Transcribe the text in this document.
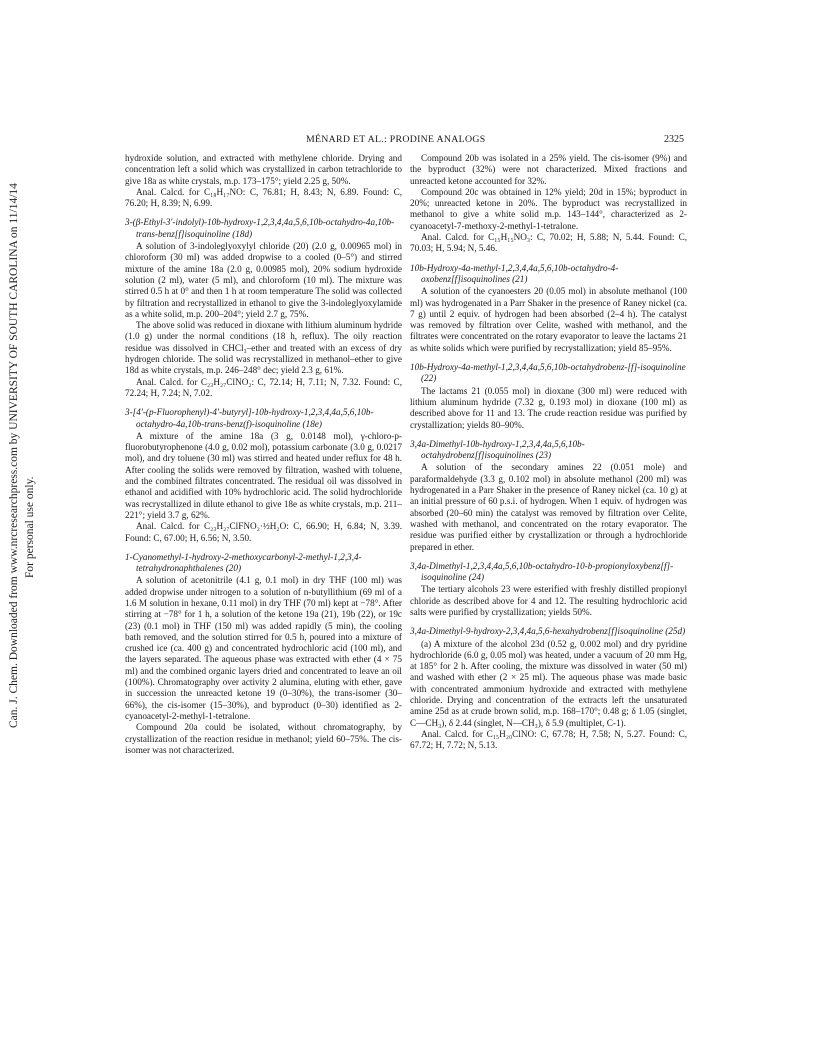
Can. J. Chem. Downloaded from www.nrcresearchpress.com by UNIVERSITY OF SOUTH CAROLINA on 11/14/14 For personal use only.
MÉNARD ET AL.: PRODINE ANALOGS	2325

hydroxide solution, and extracted with methylene chloride. Drying and concentration left a solid which was crystallized in carbon tetrachloride to give 18a as white crystals, m.p. 173–175°; yield 2.25 g, 50%.

Anal. Calcd. for C₁₈H₁₇NO: C, 76.81; H, 8.43; N, 6.89. Found: C, 76.20; H, 8.39; N, 6.99.

3-(β-Ethyl-3′-indolyl)-10b-hydroxy-1,2,3,4,4a,5,6,10b-octahydro-4a,10b-trans-benz[f]isoquinoline (18d)

A solution of 3-indoleglyoxylyl chloride (20) (2.0 g, 0.00965 mol) in chloroform (30 ml) was added dropwise to a cooled (0–5°) and stirred mixture of the amine 18a (2.0 g, 0.00985 mol), 20% sodium hydroxide solution (2 ml), water (5 ml), and chloroform (10 ml). The mixture was stirred 0.5 h at 0° and then 1 h at room temperature The solid was collected by filtration and recrystallized in ethanol to give the 3-indoleglyoxylamide as a white solid, m.p. 200–204°; yield 2.7 g, 75%.

The above solid was reduced in dioxane with lithium aluminum hydride (1.0 g) under the normal conditions (18 h, reflux). The oily reaction residue was dissolved in CHCl₃–ether and treated with an excess of dry hydrogen chloride. The solid was recrystallized in methanol–ether to give 18d as white crystals, m.p. 246–248° dec; yield 2.3 g, 61%.

Anal. Calcd. for C₂₃H₂₇ClNO₂: C, 72.14; H, 7.11; N, 7.32. Found: C, 72.24; H, 7.24; N, 7.02.

3-[4′-(p-Fluorophenyl)-4′-butyryl]-10b-hydroxy-1,2,3,4,4a,5,6,10b-octahydro-4a,10b-trans-benz(f)-isoquinoline (18e)

A mixture of the amine 18a (3 g, 0.0148 mol), γ-chloro-p-fluorobutyrophenone (4.0 g, 0.02 mol), potassium carbonate (3.0 g, 0.0217 mol), and dry toluene (30 ml) was stirred and heated under reflux for 48 h. After cooling the solids were removed by filtration, washed with toluene, and the combined filtrates concentrated. The residual oil was dissolved in ethanol and acidified with 10% hydrochloric acid. The solid hydrochloride was recrystallized in dilute ethanol to give 18e as white crystals, m.p. 211–221°; yield 3.7 g, 62%.

Anal. Calcd. for C₂₃H₂₇ClFNO₂·½H₂O: C, 66.90; H, 6.84; N, 3.39. Found: C, 67.00; H, 6.56; N, 3.50.

1-Cyanomethyl-1-hydroxy-2-methoxycarbonyl-2-methyl-1,2,3,4-tetrahydronaphthalenes (20)

A solution of acetonitrile (4.1 g, 0.1 mol) in dry THF (100 ml) was added dropwise under nitrogen to a solution of n-butyllithium (69 ml of a 1.6 M solution in hexane, 0.11 mol) in dry THF (70 ml) kept at −78°. After stirring at −78° for 1 h, a solution of the ketone 19a (21), 19b (22), or 19c (23) (0.1 mol) in THF (150 ml) was added rapidly (5 min), the cooling bath removed, and the solution stirred for 0.5 h, poured into a mixture of crushed ice (ca. 400 g) and concentrated hydrochloric acid (100 ml), and the layers separated. The aqueous phase was extracted with ether (4 × 75 ml) and the combined organic layers dried and concentrated to leave an oil (100%). Chromatography over activity 2 alumina, eluting with ether, gave in succession the unreacted ketone 19 (0–30%), the trans-isomer (30–66%), the cis-isomer (15–30%), and byproduct (0–30) identified as 2-cyanoacetyl-2-methyl-1-tetralone.

Compound 20a could be isolated, without chromatography, by crystallization of the reaction residue in methanol; yield 60–75%. The cis-isomer was not characterized.

Compound 20b was isolated in a 25% yield. The cis-isomer (9%) and the byproduct (32%) were not characterized. Mixed fractions and unreacted ketone accounted for 32%.

Compound 20c was obtained in 12% yield; 20d in 15%; byproduct in 20%; unreacted ketone in 20%. The byproduct was recrystallized in methanol to give a white solid m.p. 143–144°, characterized as 2-cyanoacetyl-7-methoxy-2-methyl-1-tetralone.

Anal. Calcd. for C₁₅H₁₅NO₃: C, 70.02; H, 5.88; N, 5.44. Found: C, 70.03; H, 5.94; N, 5.46.

10b-Hydroxy-4a-methyl-1,2,3,4,4a,5,6,10b-octahydro-4-oxobenz[f]isoquinolines (21)

A solution of the cyanoesters 20 (0.05 mol) in absolute methanol (100 ml) was hydrogenated in a Parr Shaker in the presence of Raney nickel (ca. 7 g) until 2 equiv. of hydrogen had been absorbed (2–4 h). The catalyst was removed by filtration over Celite, washed with methanol, and the filtrates were concentrated on the rotary evaporator to leave the lactams 21 as white solids which were purified by recrystallization; yield 85–95%.

10b-Hydroxy-4a-methyl-1,2,3,4,4a,5,6,10b-octahydrobenz-[f]-isoquinoline (22)

The lactams 21 (0.055 mol) in dioxane (300 ml) were reduced with lithium aluminum hydride (7.32 g, 0.193 mol) in dioxane (100 ml) as described above for 11 and 13. The crude reaction residue was purified by crystallization; yields 80–90%.

3,4a-Dimethyl-10b-hydroxy-1,2,3,4,4a,5,6,10b-octahydrobenz[f]isoquinolines (23)

A solution of the secondary amines 22 (0.051 mole) and paraformaldehyde (3.3 g, 0.102 mol) in absolute methanol (200 ml) was hydrogenated in a Parr Shaker in the presence of Raney nickel (ca. 10 g) at an initial pressure of 60 p.s.i. of hydrogen. When 1 equiv. of hydrogen was absorbed (20–60 min) the catalyst was removed by filtration over Celite, washed with methanol, and concentrated on the rotary evaporator. The residue was purified either by crystallization or through a hydrochloride prepared in ether.

3,4a-Dimethyl-1,2,3,4,4a,5,6,10b-octahydro-10-b-propionyloxybenz[f]-isoquinoline (24)

The tertiary alcohols 23 were esterified with freshly distilled propionyl chloride as described above for 4 and 12. The resulting hydrochloric acid salts were purified by crystallization; yields 50%.

3,4a-Dimethyl-9-hydroxy-2,3,4,4a,5,6-hexahydrobenz[f]isoquinoline (25d)

(a) A mixture of the alcohol 23d (0.52 g, 0.002 mol) and dry pyridine hydrochloride (6.0 g, 0.05 mol) was heated, under a vacuum of 20 mm Hg, at 185° for 2 h. After cooling, the mixture was dissolved in water (50 ml) and washed with ether (2 × 25 ml). The aqueous phase was made basic with concentrated ammonium hydroxide and extracted with methylene chloride. Drying and concentration of the extracts left the unsaturated amine 25d as at crude brown solid, m.p. 168–170°; 0.48 g; δ 1.05 (singlet, C—CH₃), δ 2.44 (singlet, N—CH₃), δ 5.9 (multiplet, C-1).

Anal. Calcd. for C₁₅H₂₀ClNO: C, 67.78; H, 7.58; N, 5.27. Found: C, 67.72; H, 7.72; N, 5.13.
